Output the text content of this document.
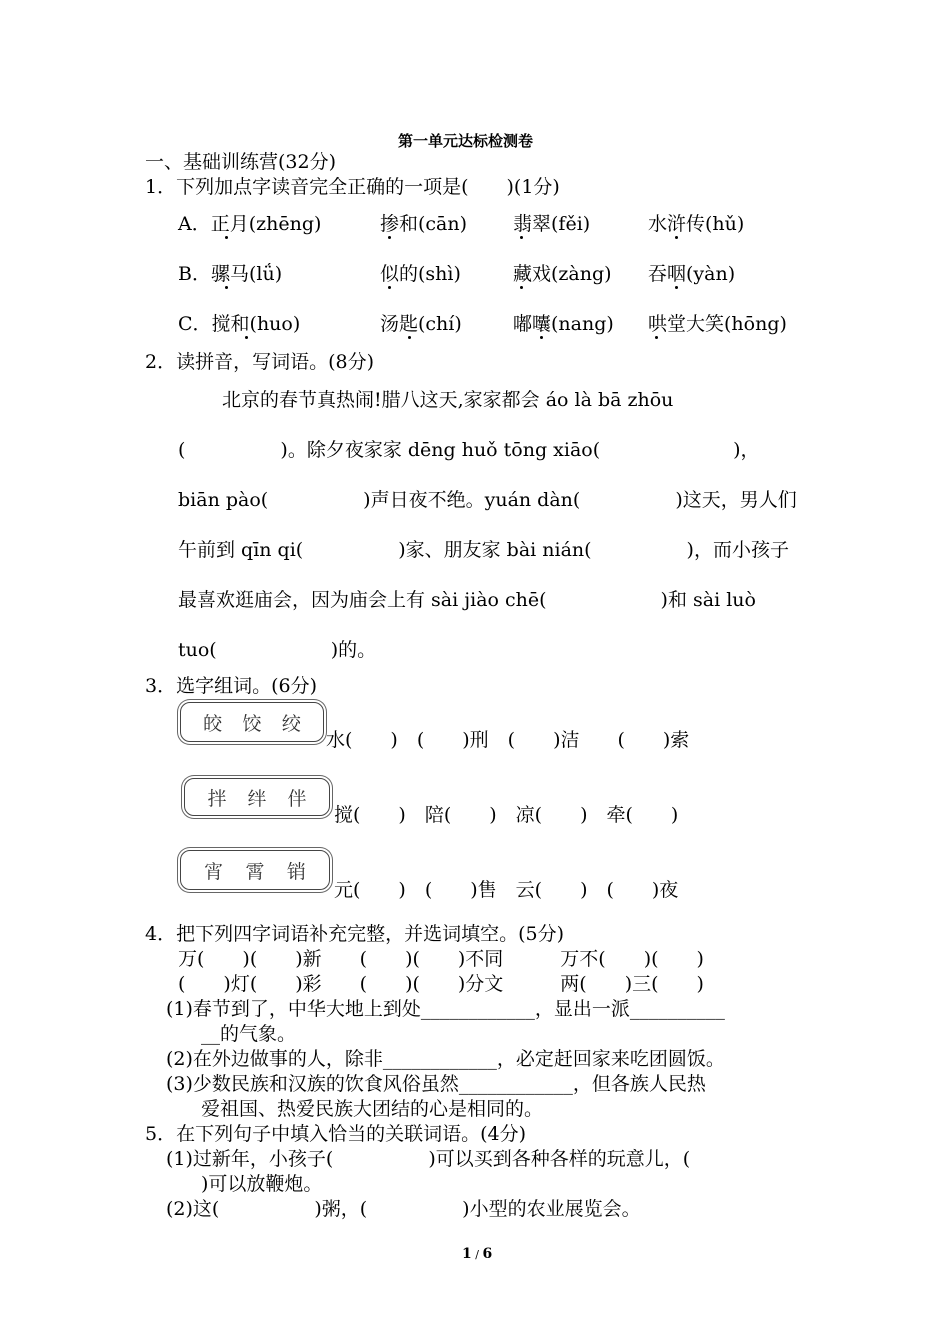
第一单元达标检测卷
一、基础训练营(32分)
1．下列加点字读音完全正确的一项是(　　)(1分)
A．正月(zhēng)	掺和(cān) 翡翠(fěi)	水浒传(hǔ)
B．骡马(lǘ)	似的(shì)	藏戏(zàng) 吞咽(yàn)
C．搅和(huo)	汤匙(chí)	嘟囔(nang) 哄堂大笑(hōng)
2．读拼音，写词语。(8分)
北京的春节真热闹!腊八这天,家家都会 áo là bā zhōu
(　　　　　)。除夕夜家家 dēng huǒ tōng xiāo(　　　　　　　)，
biān pào(　　　　　)声日夜不绝。yuán dàn(　　　　　)这天，男人们
午前到 qīn qi(　　　　　)家、朋友家 bài nián(　　　　　)，而小孩子
最喜欢逛庙会，因为庙会上有 sài jiào chē(　　　　　　)和 sài luò
tuo(　　　　　　)的。
3．选字组词。(6分)
皎 饺 绞
水(　　)　(　　)刑　(　　)洁　　(　　)索
拌 绊 伴
搅(　　)　陪(　　)　凉(　　)　牵(　　)
宵 霄 销
元(　　)　(　　)售　云(　　)　(　　)夜
4．把下列四字词语补充完整，并选词填空。(5分)
万(　　)(　　)新　　(　　)(　　)不同　　　万不(　　)(　　)
(　　)灯(　　)彩　　(　　)(　　)分文　　　两(　　)三(　　)
(1)春节到了，中华大地上到处____________，显出一派__________
__的气象。
(2)在外边做事的人，除非____________，必定赶回家来吃团圆饭。
(3)少数民族和汉族的饮食风俗虽然____________，但各族人民热
爱祖国、热爱民族大团结的心是相同的。
5．在下列句子中填入恰当的关联词语。(4分)
(1)过新年，小孩子(　　　　　)可以买到各种各样的玩意儿，(
)可以放鞭炮。
(2)这(　　　　　)粥，(　　　　　)小型的农业展览会。
1 / 6
